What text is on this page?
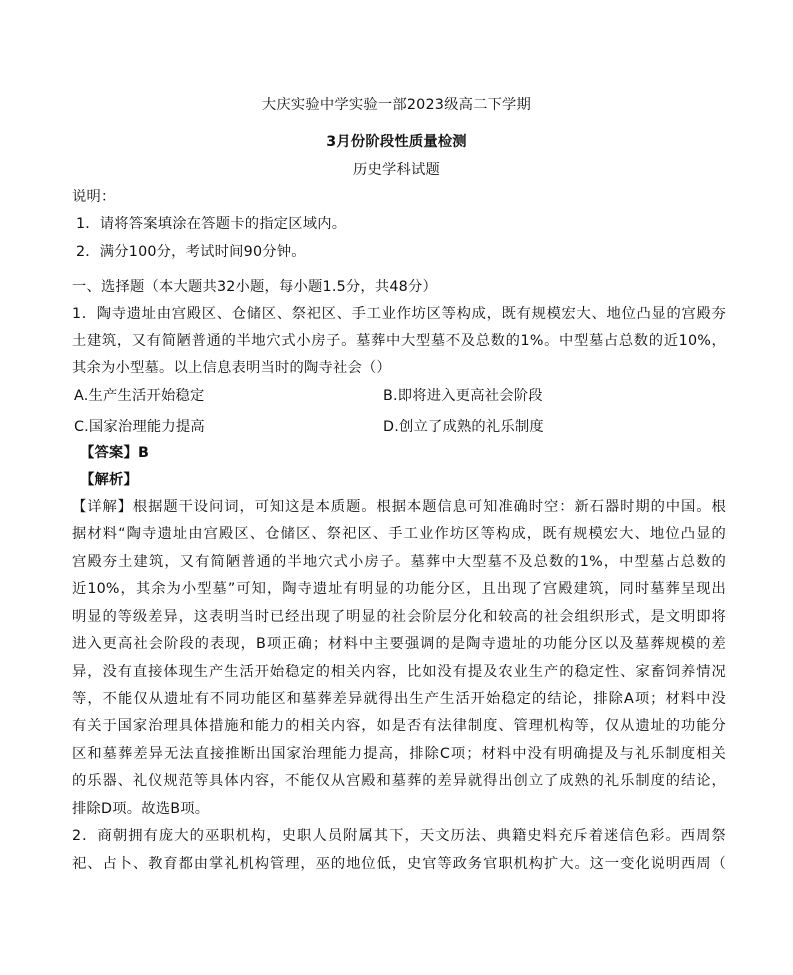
大庆实验中学实验一部2023级高二下学期
3月份阶段性质量检测
历史学科试题
说明：
1．请将答案填涂在答题卡的指定区域内。
2．满分100分，考试时间90分钟。
一、选择题（本大题共32小题，每小题1.5分，共48分）
1．陶寺遗址由宫殿区、仓储区、祭祀区、手工业作坊区等构成，既有规模宏大、地位凸显的宫殿夯
土建筑，又有简陋普通的半地穴式小房子。墓葬中大型墓不及总数的1%。中型墓占总数的近10%，
其余为小型墓。以上信息表明当时的陶寺社会（）
A.生产生活开始稳定	B.即将进入更高社会阶段
C.国家治理能力提高	D.创立了成熟的礼乐制度
【答案】B
【解析】
【详解】根据题干设问词，可知这是本质题。根据本题信息可知准确时空：新石器时期的中国。根
据材料“陶寺遗址由宫殿区、仓储区、祭祀区、手工业作坊区等构成，既有规模宏大、地位凸显的
宫殿夯土建筑，又有简陋普通的半地穴式小房子。墓葬中大型墓不及总数的1%，中型墓占总数的
近10%，其余为小型墓”可知，陶寺遗址有明显的功能分区，且出现了宫殿建筑，同时墓葬呈现出
明显的等级差异，这表明当时已经出现了明显的社会阶层分化和较高的社会组织形式，是文明即将
进入更高社会阶段的表现，B项正确；材料中主要强调的是陶寺遗址的功能分区以及墓葬规模的差
异，没有直接体现生产生活开始稳定的相关内容，比如没有提及农业生产的稳定性、家畜饲养情况
等，不能仅从遗址有不同功能区和墓葬差异就得出生产生活开始稳定的结论，排除A项；材料中没
有关于国家治理具体措施和能力的相关内容，如是否有法律制度、管理机构等，仅从遗址的功能分
区和墓葬差异无法直接推断出国家治理能力提高，排除C项；材料中没有明确提及与礼乐制度相关
的乐器、礼仪规范等具体内容，不能仅从宫殿和墓葬的差异就得出创立了成熟的礼乐制度的结论，
排除D项。故选B项。
2．商朝拥有庞大的巫职机构，史职人员附属其下，天文历法、典籍史料充斥着迷信色彩。西周祭
祀、占卜、教育都由掌礼机构管理，巫的地位低，史官等政务官职机构扩大。这一变化说明西周（
